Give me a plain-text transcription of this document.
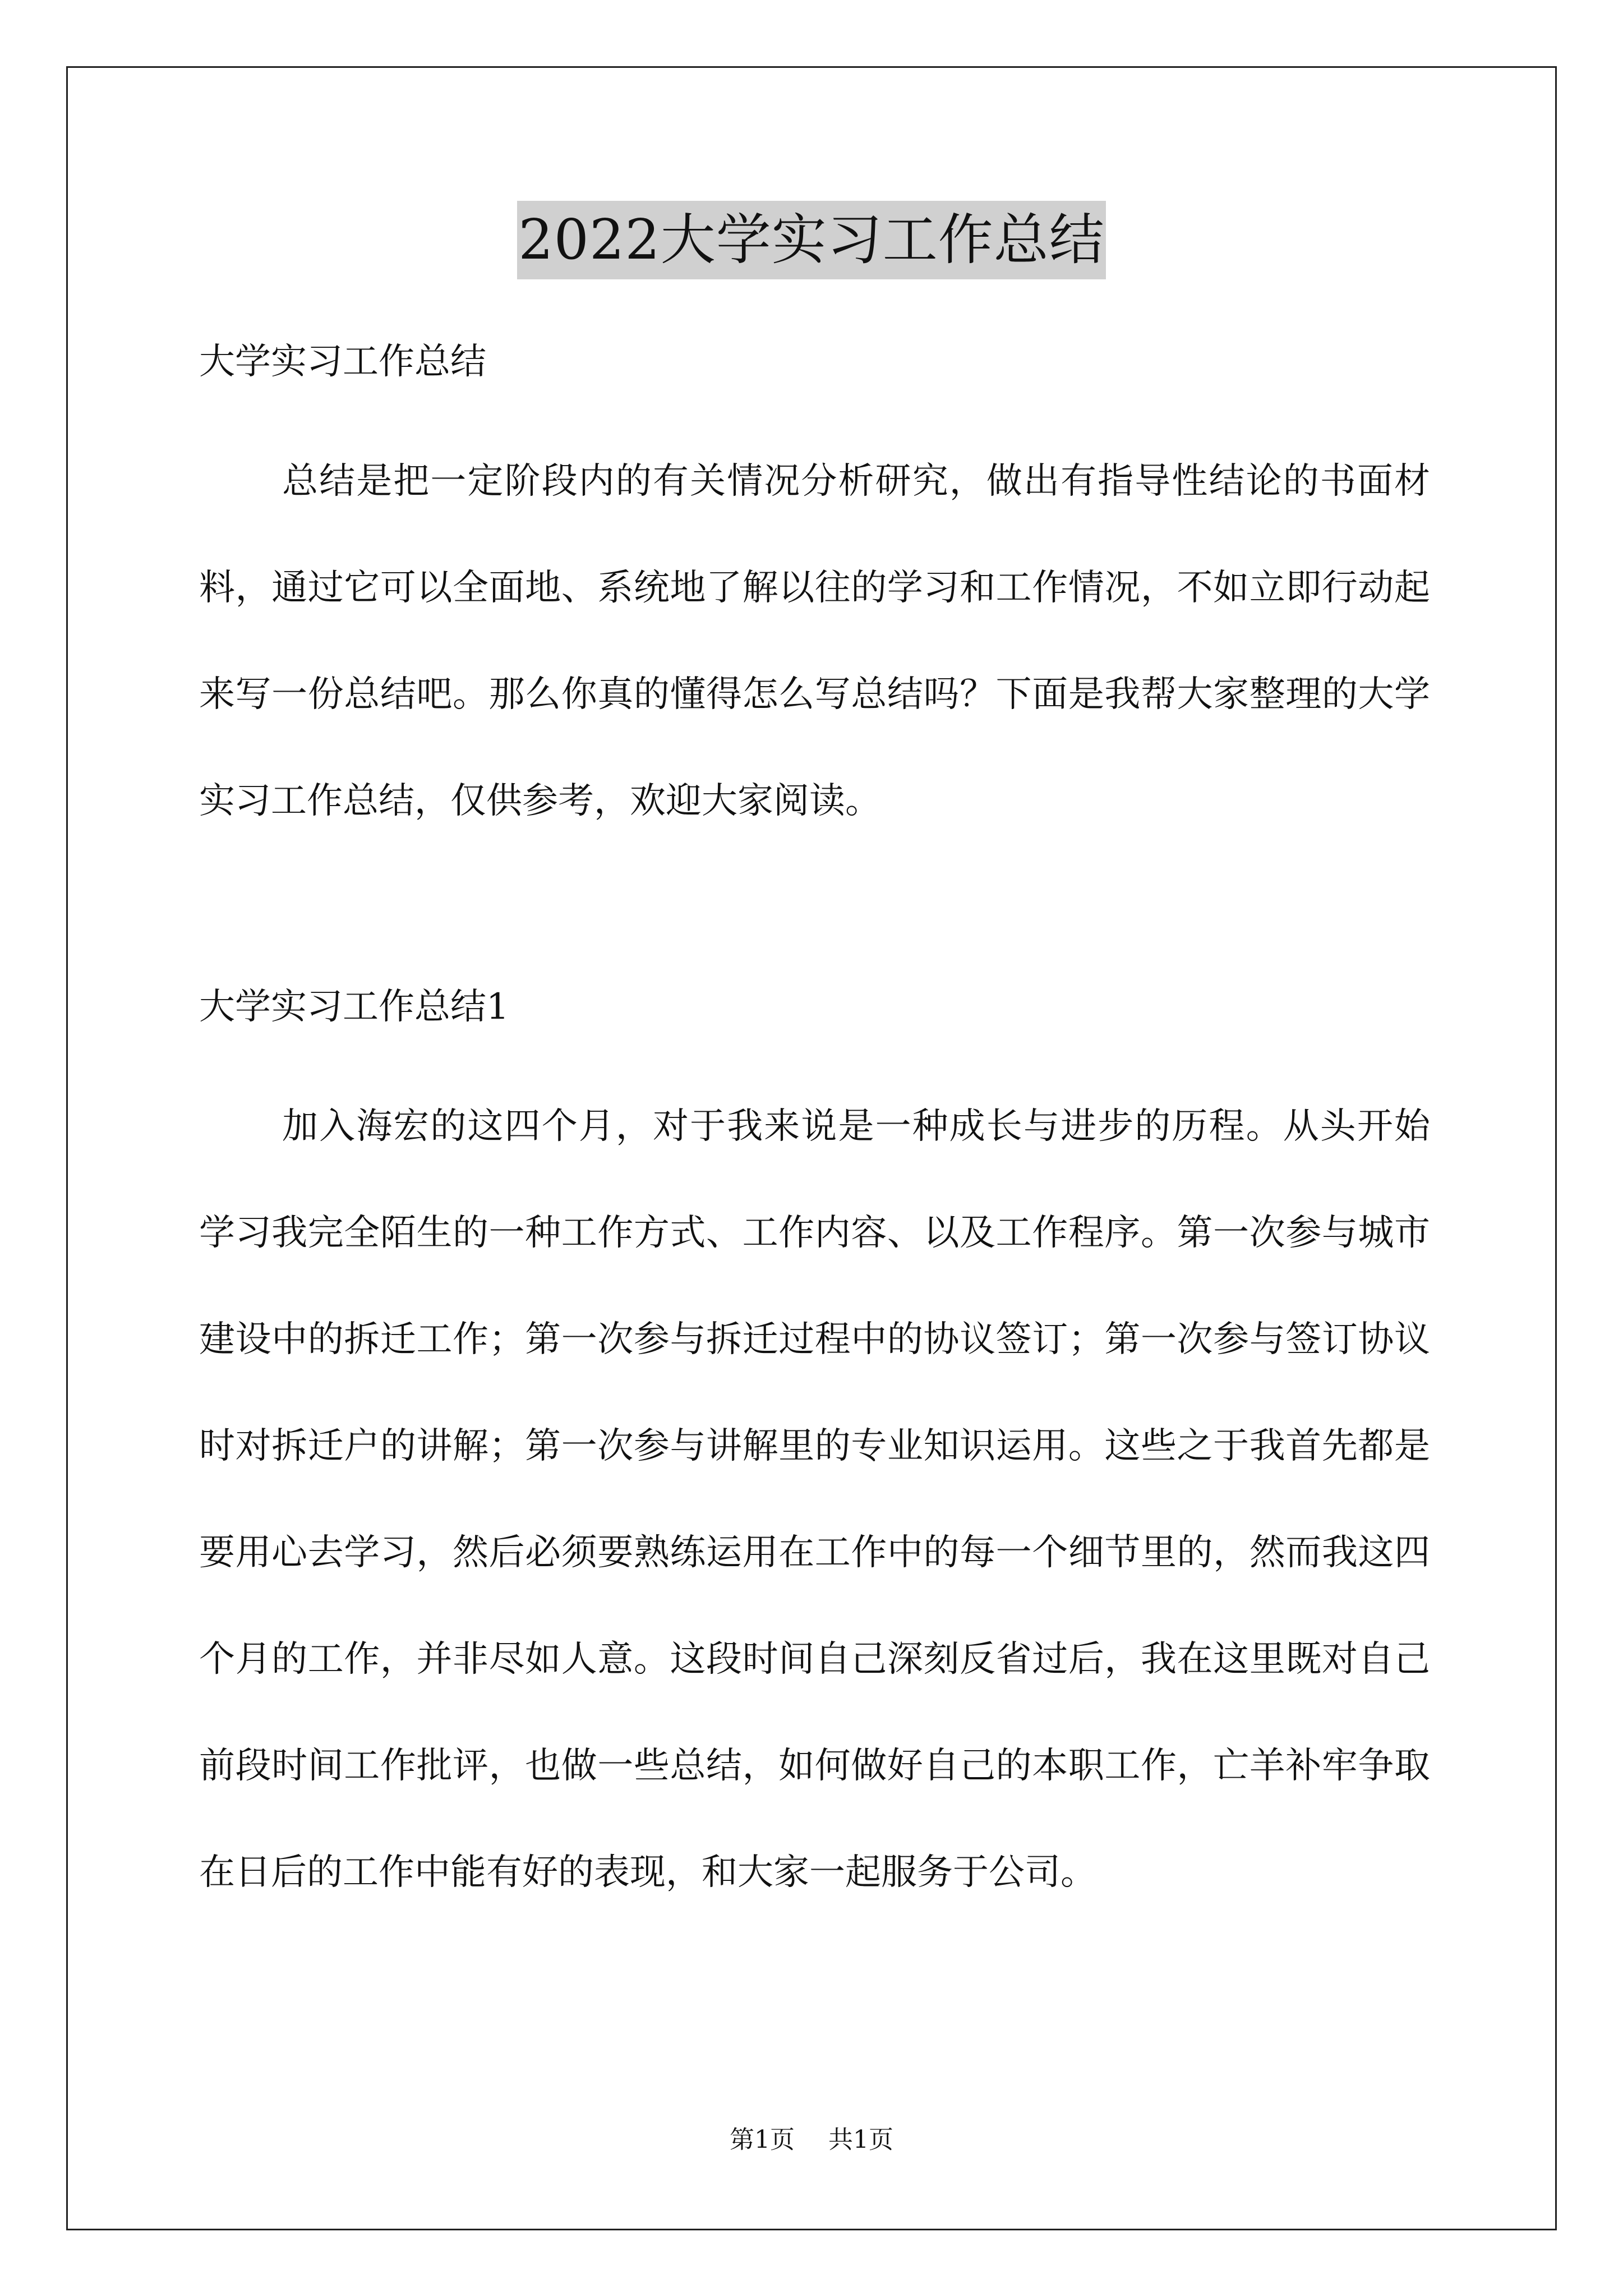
2022大学实习工作总结

大学实习工作总结

总结是把一定阶段内的有关情况分析研究，做出有指导性结论的书面材料，通过它可以全面地、系统地了解以往的学习和工作情况，不如立即行动起来写一份总结吧。那么你真的懂得怎么写总结吗？下面是我帮大家整理的大学实习工作总结，仅供参考，欢迎大家阅读。

大学实习工作总结1

加入海宏的这四个月，对于我来说是一种成长与进步的历程。从头开始学习我完全陌生的一种工作方式、工作内容、以及工作程序。第一次参与城市建设中的拆迁工作；第一次参与拆迁过程中的协议签订；第一次参与签订协议时对拆迁户的讲解；第一次参与讲解里的专业知识运用。这些之于我首先都是要用心去学习，然后必须要熟练运用在工作中的每一个细节里的，然而我这四个月的工作，并非尽如人意。这段时间自己深刻反省过后，我在这里既对自己前段时间工作批评，也做一些总结，如何做好自己的本职工作，亡羊补牢争取在日后的工作中能有好的表现，和大家一起服务于公司。

第1页 共1页
